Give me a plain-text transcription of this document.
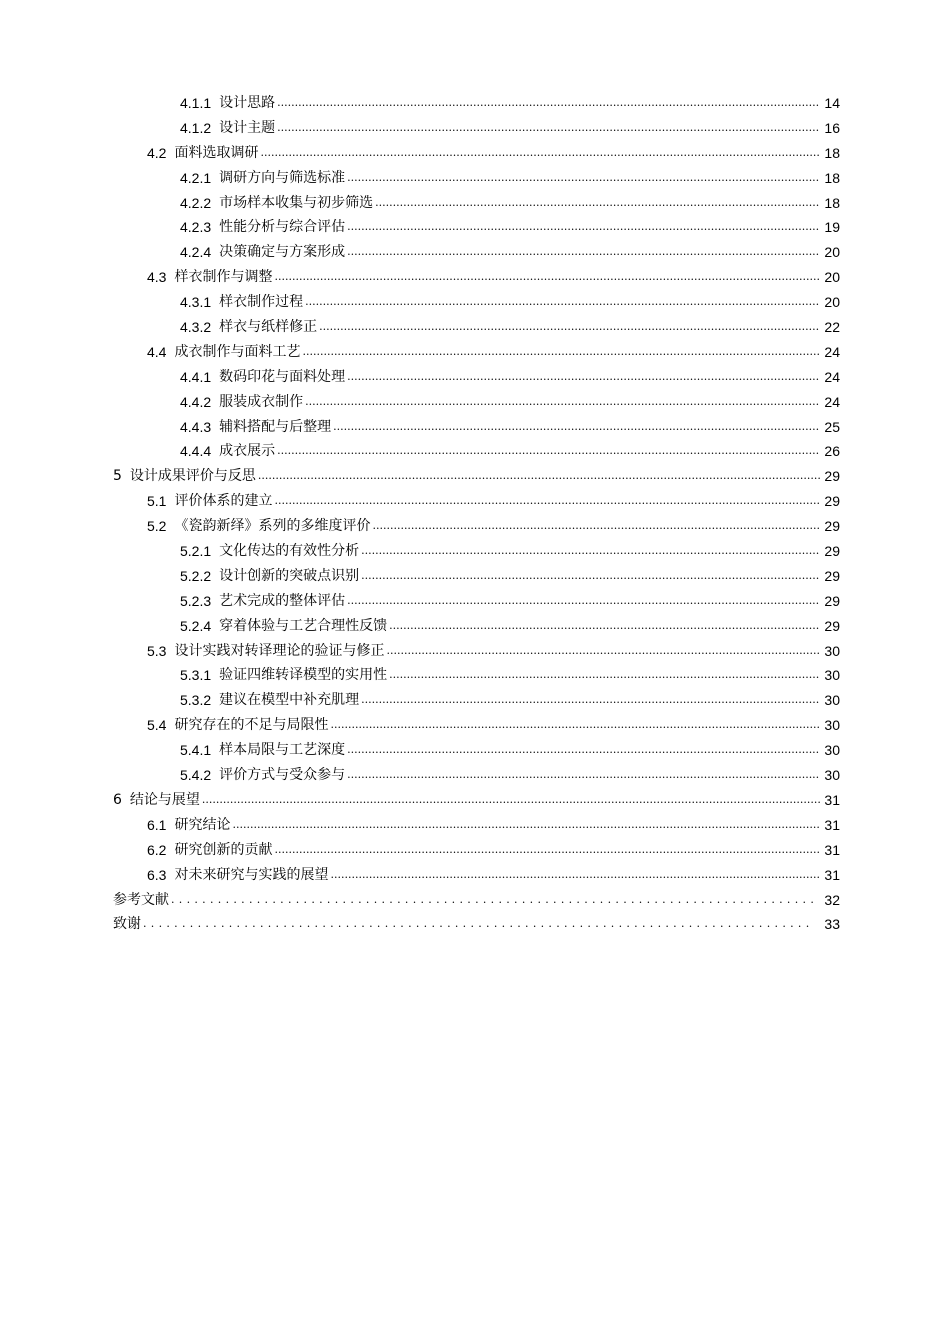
4.1.1 设计思路 .....	14
4.1.2 设计主题 .....	16
4.2 面料选取调研 .....	18
4.2.1 调研方向与筛选标准 .....	18
4.2.2 市场样本收集与初步筛选 .....	18
4.2.3 性能分析与综合评估 .....	19
4.2.4 决策确定与方案形成 .....	20
4.3 样衣制作与调整 .....	20
4.3.1 样衣制作过程 .....	20
4.3.2 样衣与纸样修正 .....	22
4.4 成衣制作与面料工艺 .....	24
4.4.1 数码印花与面料处理 .....	24
4.4.2 服装成衣制作 .....	24
4.4.3 辅料搭配与后整理 .....	25
4.4.4 成衣展示 .....	26
5 设计成果评价与反思 .....	29
5.1 评价体系的建立 .....	29
5.2 《瓷韵新绎》系列的多维度评价 .....	29
5.2.1 文化传达的有效性分析 .....	29
5.2.2 设计创新的突破点识别 .....	29
5.2.3 艺术完成的整体评估 .....	29
5.2.4 穿着体验与工艺合理性反馈 .....	29
5.3 设计实践对转译理论的验证与修正 .....	30
5.3.1 验证四维转译模型的实用性 .....	30
5.3.2 建议在模型中补充肌理 .....	30
5.4 研究存在的不足与局限性 .....	30
5.4.1 样本局限与工艺深度 .....	30
5.4.2 评价方式与受众参与 .....	30
6 结论与展望 .....	31
6.1 研究结论 .....	31
6.2 研究创新的贡献 .....	31
6.3 对未来研究与实践的展望 .....	31
参考文献 .....	32
致谢 .....	33
